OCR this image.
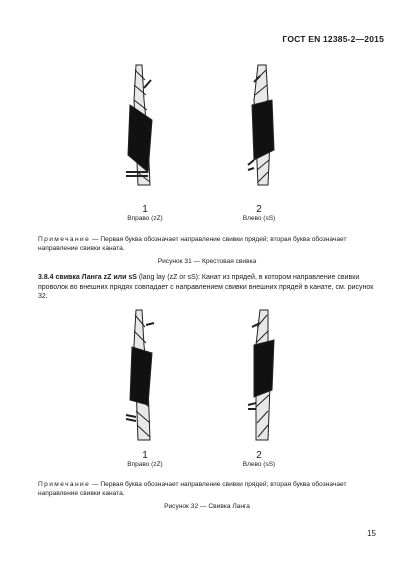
ГОСТ EN 12385-2—2015
1
Вправо (zZ)
2
Влево (sS)
Примечание — Первая буква обозначает направление свивки прядей; вторая буква обозначает направление свивки каната.
Рисунок 31 — Крестовая свивка
3.8.4 свивка Ланга zZ или sS (lang lay (zZ or sS): Канат из прядей, в котором направление свивки проволок во внешних прядях совпадает с направлением свивки внешних прядей в канате, см. рисунок 32.
1
Вправо (zZ)
2
Влево (sS)
Примечание — Первая буква обозначает направление свивки прядей; вторая буква обозначает направление свивки каната.
Рисунок 32 — Свивка Ланга
15
